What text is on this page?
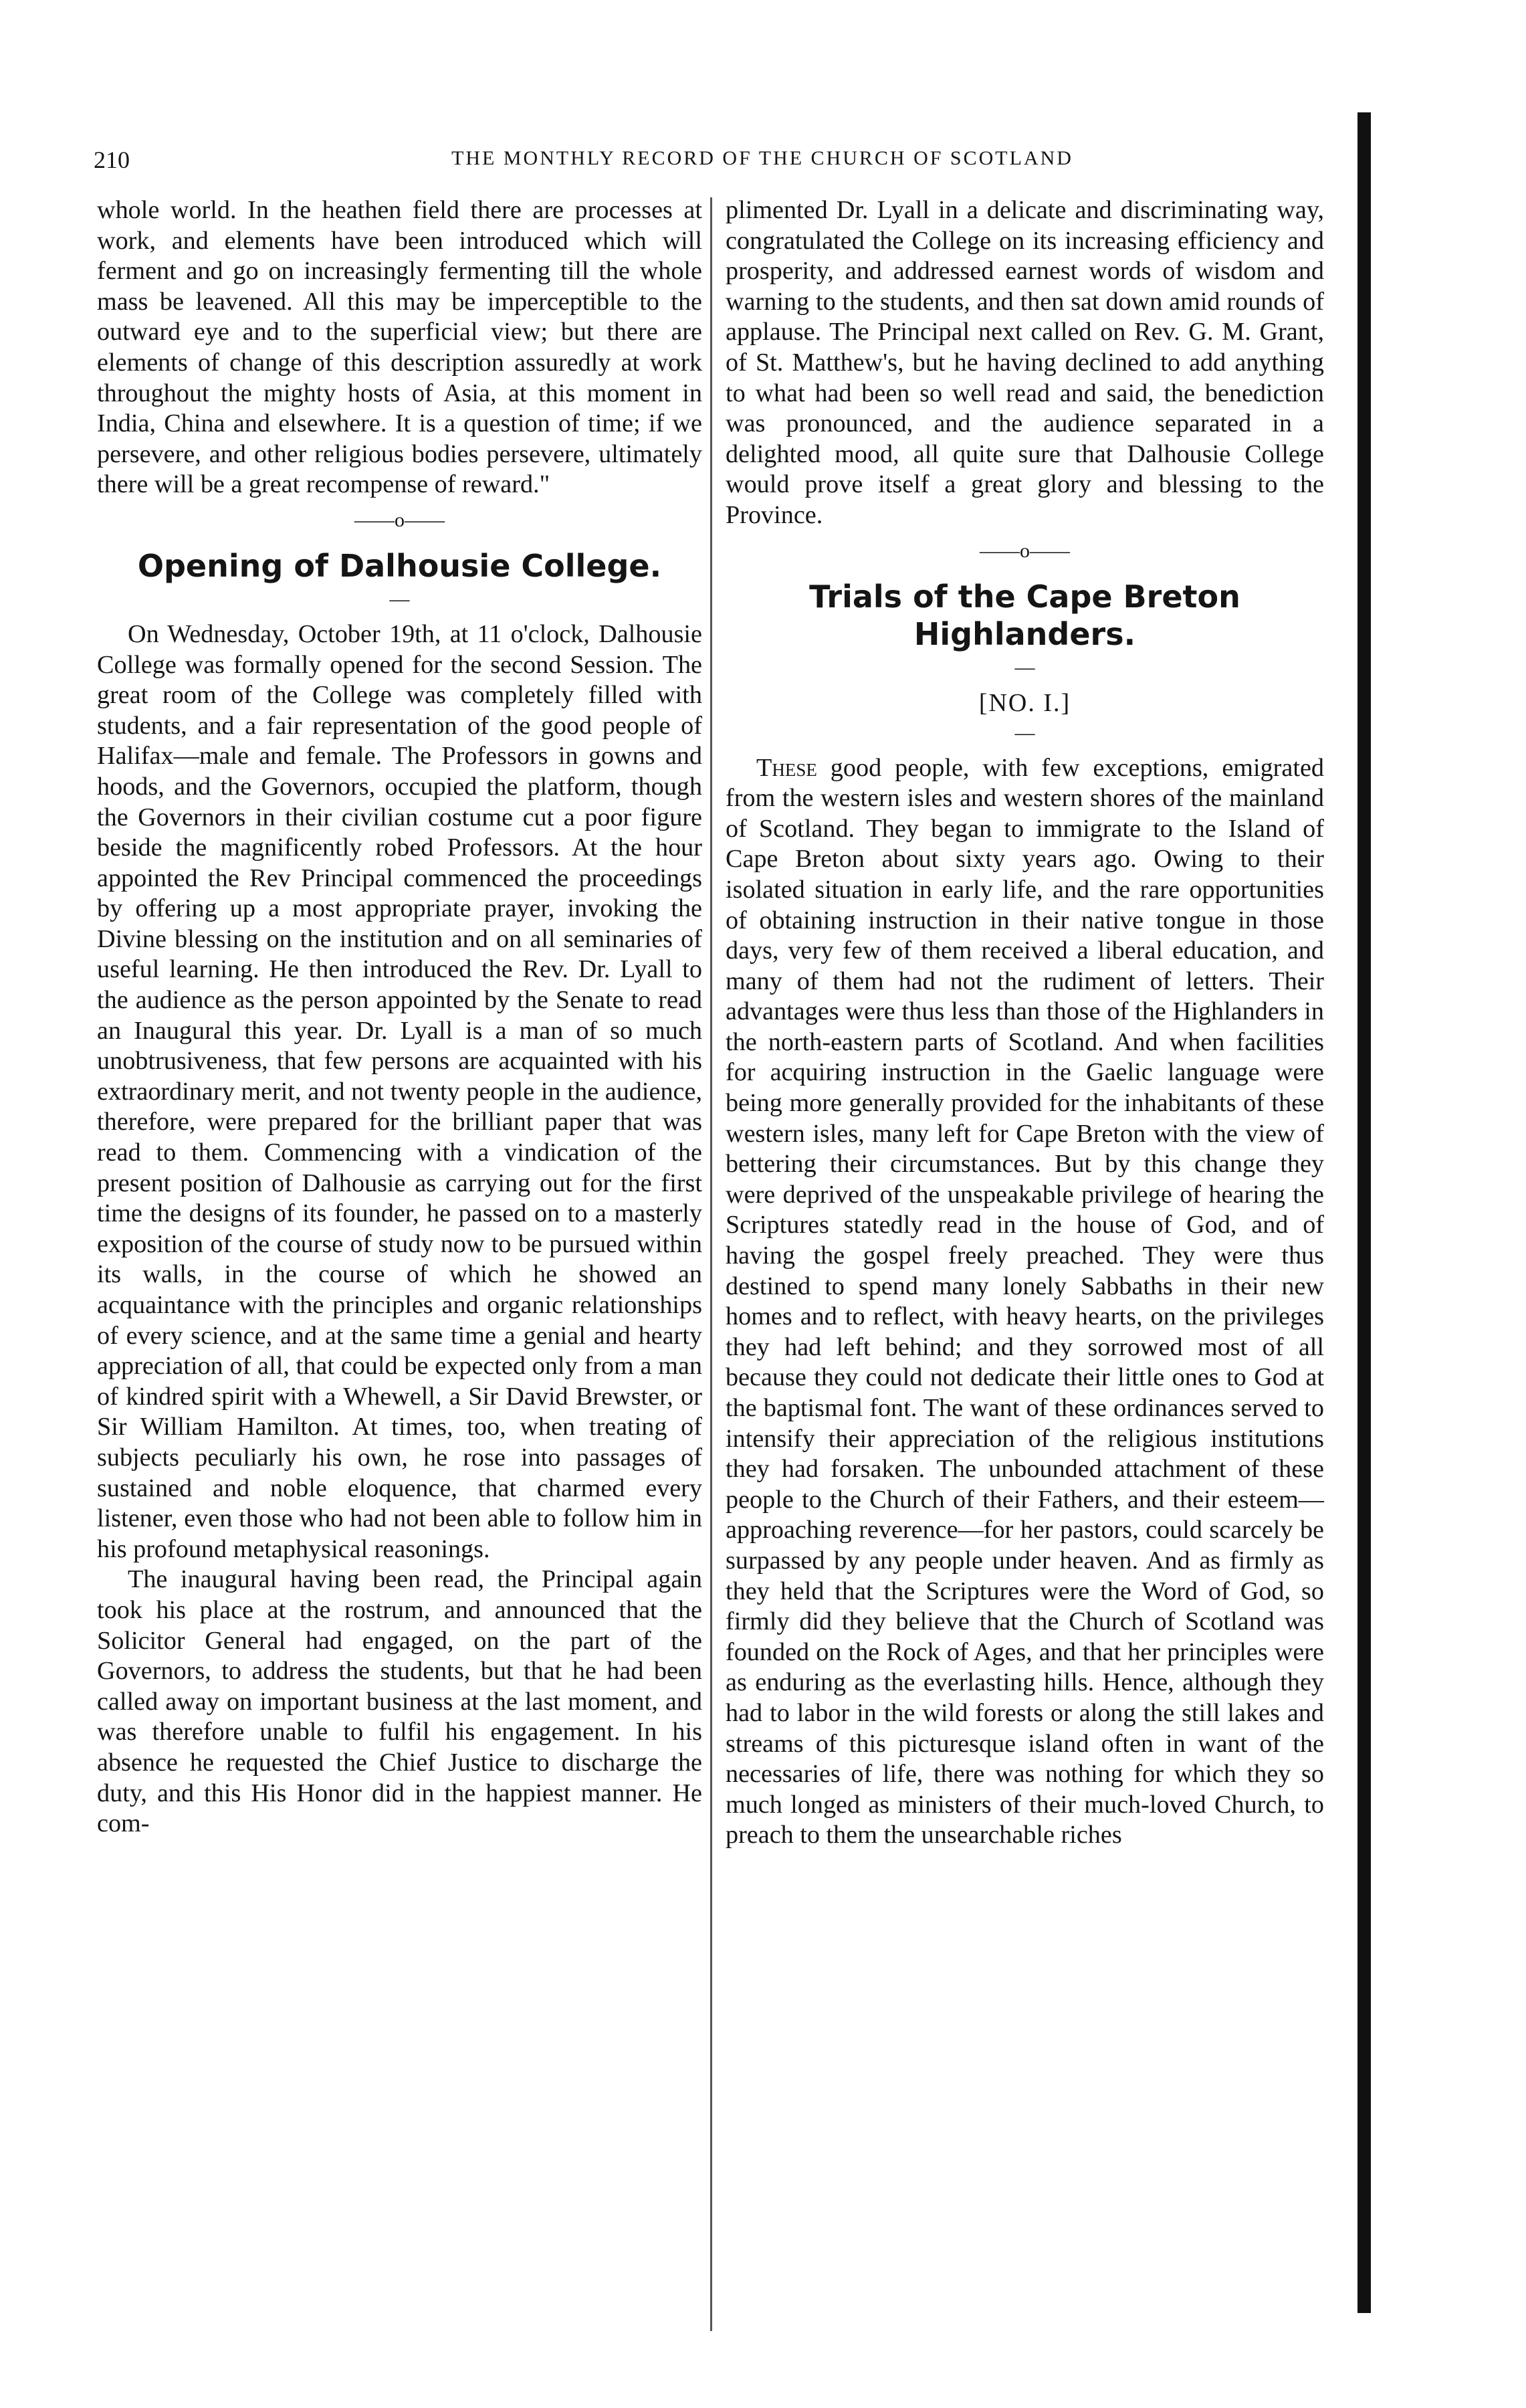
210	THE MONTHLY RECORD OF THE CHURCH OF SCOTLAND

whole world. In the heathen field there are processes at work, and elements have been introduced which will ferment and go on increasingly fermenting till the whole mass be leavened. All this may be imperceptible to the outward eye and to the superficial view; but there are elements of change of this description assuredly at work throughout the mighty hosts of Asia, at this moment in India, China and elsewhere. It is a question of time; if we persevere, and other religious bodies persevere, ultimately there will be a great recompense of reward."

——o——
Opening of Dalhousie College.
—

On Wednesday, October 19th, at 11 o'clock, Dalhousie College was formally opened for the second Session. The great room of the College was completely filled with students, and a fair representation of the good people of Halifax—male and female. The Professors in gowns and hoods, and the Governors, occupied the platform, though the Governors in their civilian costume cut a poor figure beside the magnificently robed Professors. At the hour appointed the Rev Principal commenced the proceedings by offering up a most appropriate prayer, invoking the Divine blessing on the institution and on all seminaries of useful learning. He then introduced the Rev. Dr. Lyall to the audience as the person appointed by the Senate to read an Inaugural this year. Dr. Lyall is a man of so much unobtrusiveness, that few persons are acquainted with his extraordinary merit, and not twenty people in the audience, therefore, were prepared for the brilliant paper that was read to them. Commencing with a vindication of the present position of Dalhousie as carrying out for the first time the designs of its founder, he passed on to a masterly exposition of the course of study now to be pursued within its walls, in the course of which he showed an acquaintance with the principles and organic relationships of every science, and at the same time a genial and hearty appreciation of all, that could be expected only from a man of kindred spirit with a Whewell, a Sir David Brewster, or Sir William Hamilton. At times, too, when treating of subjects peculiarly his own, he rose into passages of sustained and noble eloquence, that charmed every listener, even those who had not been able to follow him in his profound metaphysical reasonings.

The inaugural having been read, the Principal again took his place at the rostrum, and announced that the Solicitor General had engaged, on the part of the Governors, to address the students, but that he had been called away on important business at the last moment, and was therefore unable to fulfil his engagement. In his absence he requested the Chief Justice to discharge the duty, and this His Honor did in the happiest manner. He com-

plimented Dr. Lyall in a delicate and discriminating way, congratulated the College on its increasing efficiency and prosperity, and addressed earnest words of wisdom and warning to the students, and then sat down amid rounds of applause. The Principal next called on Rev. G. M. Grant, of St. Matthew's, but he having declined to add anything to what had been so well read and said, the benediction was pronounced, and the audience separated in a delighted mood, all quite sure that Dalhousie College would prove itself a great glory and blessing to the Province.

——o——
Trials of the Cape Breton Highlanders.
—
[NO. I.]
—

These good people, with few exceptions, emigrated from the western isles and western shores of the mainland of Scotland. They began to immigrate to the Island of Cape Breton about sixty years ago. Owing to their isolated situation in early life, and the rare opportunities of obtaining instruction in their native tongue in those days, very few of them received a liberal education, and many of them had not the rudiment of letters. Their advantages were thus less than those of the Highlanders in the north-eastern parts of Scotland. And when facilities for acquiring instruction in the Gaelic language were being more generally provided for the inhabitants of these western isles, many left for Cape Breton with the view of bettering their circumstances. But by this change they were deprived of the unspeakable privilege of hearing the Scriptures statedly read in the house of God, and of having the gospel freely preached. They were thus destined to spend many lonely Sabbaths in their new homes and to reflect, with heavy hearts, on the privileges they had left behind; and they sorrowed most of all because they could not dedicate their little ones to God at the baptismal font. The want of these ordinances served to intensify their appreciation of the religious institutions they had forsaken. The unbounded attachment of these people to the Church of their Fathers, and their esteem—approaching reverence—for her pastors, could scarcely be surpassed by any people under heaven. And as firmly as they held that the Scriptures were the Word of God, so firmly did they believe that the Church of Scotland was founded on the Rock of Ages, and that her principles were as enduring as the everlasting hills. Hence, although they had to labor in the wild forests or along the still lakes and streams of this picturesque island often in want of the necessaries of life, there was nothing for which they so much longed as ministers of their much-loved Church, to preach to them the unsearchable riches
